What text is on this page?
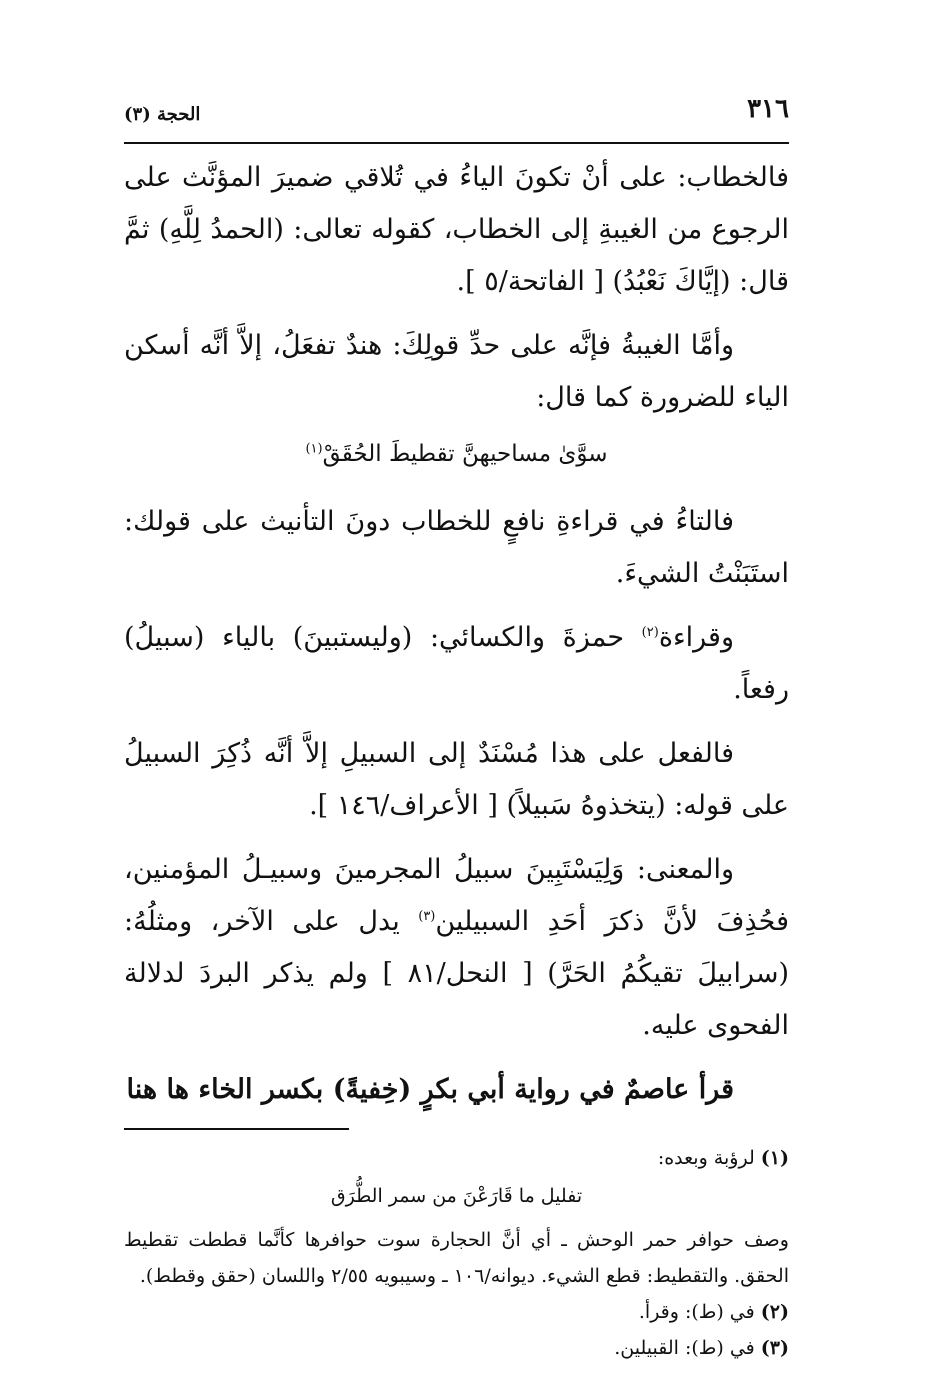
٣١٦
الحجة (٣)

فالخطاب: على أنْ تكونَ الياءُ في تُلاقي ضميرَ المؤنَّث على الرجوع من الغيبةِ إلى الخطاب، كقوله تعالى: (الحمدُ لِلَّهِ) ثمَّ قال: (إيَّاكَ نَعْبُدُ) [ الفاتحة/٥ ].

وأمَّا الغيبةُ فإنَّه على حدِّ قولِكَ: هندٌ تفعَلُ، إلاَّ أنَّه أسكن الياء للضرورة كما قال:

سوَّىٰ مساحيهنَّ تقطيطَ الحُقَقْ$^{(١)}$

فالتاءُ في قراءةِ نافعٍ للخطاب دونَ التأنيث على قولك: استَبَنْتُ الشيءَ.

وقراءة$^{(٢)}$ حمزةَ والكسائي: (وليستبينَ) بالياء (سبيلُ) رفعاً.

فالفعل على هذا مُسْنَدٌ إلى السبيلِ إلاَّ أنَّه ذُكِرَ السبيلُ على قوله: (يتخذوهُ سَبيلاً) [ الأعراف/١٤٦ ].

والمعنى: وَلِيَسْتَبِينَ سبيلُ المجرمينَ وسبيـلُ المؤمنين، فحُذِفَ لأنَّ ذكرَ أحَدِ السبيلين$^{(٣)}$ يدل على الآخر، ومثلُهُ: (سرابيلَ تقيكُمُ الحَرَّ) [ النحل/٨١ ] ولم يذكر البردَ لدلالة الفحوى عليه.

قرأ عاصمٌ في رواية أبي بكرٍ (خِفيةً) بكسر الخاء ها هنا

(١) لرؤبة وبعده:

تفليل ما قَارَعْنَ من سمر الطُّرَق

وصف حوافر حمر الوحش ـ أي أنَّ الحجارة سوت حوافرها كأنَّما قططت تقطيط الحقق. والتقطيط: قطع الشيء. ديوانه/١٠٦ ـ وسيبويه ٢/٥٥ واللسان (حقق وقطط).

(٢) في (ط): وقرأ.

(٣) في (ط): القبيلين.
